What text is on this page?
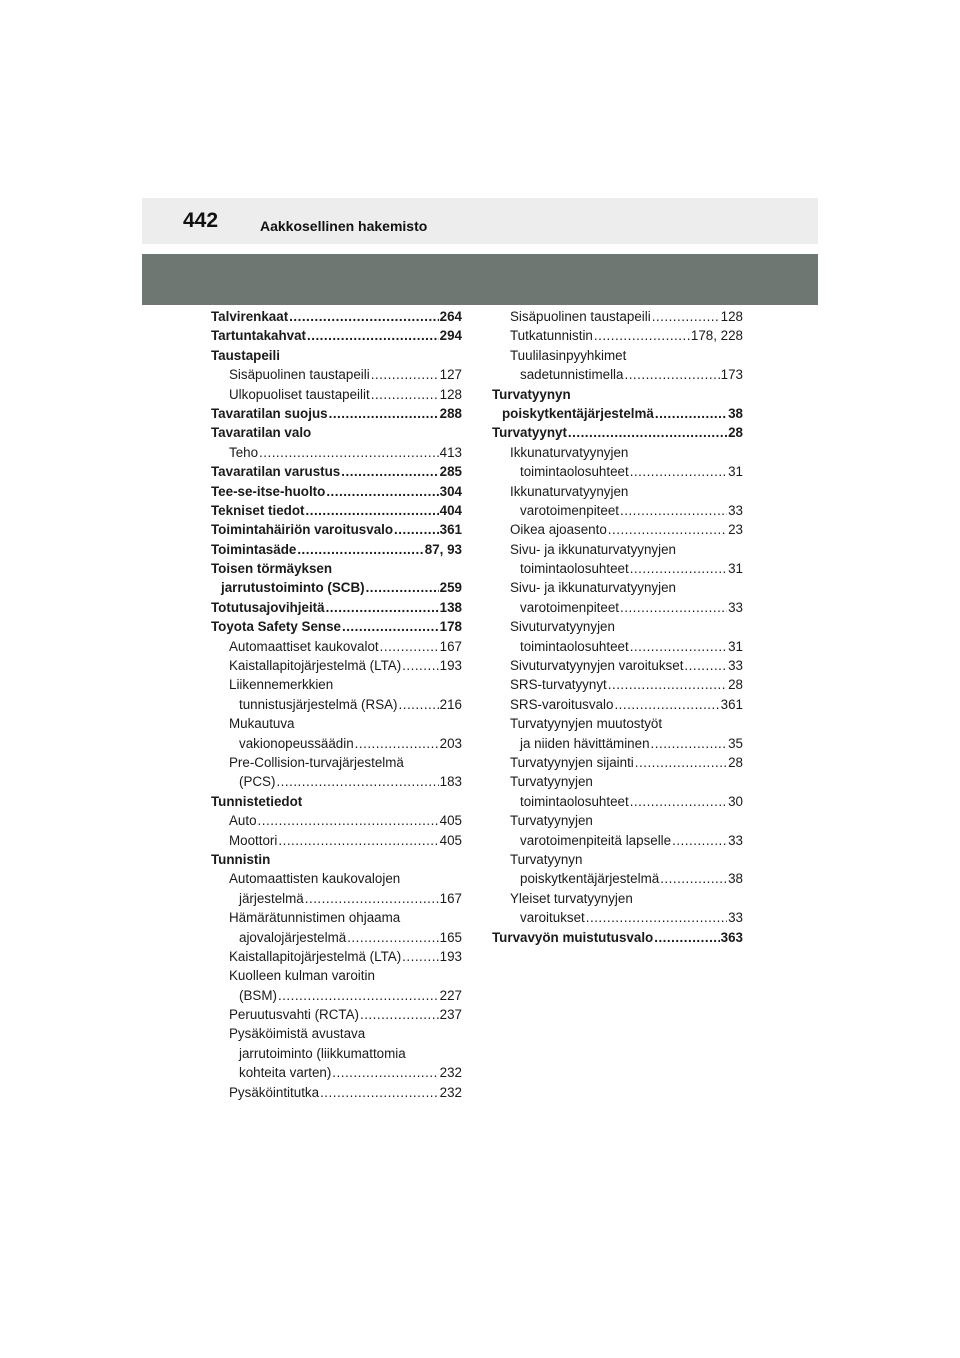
442	Aakkosellinen hakemisto
Talvirenkaat .....	264
Tartuntakahvat .....	294
Taustapeili
Sisäpuolinen taustapeili .....	127
Ulkopuoliset taustapeilit .....	128
Tavaratilan suojus .....	288
Tavaratilan valo
Teho .....	413
Tavaratilan varustus .....	285
Tee-se-itse-huolto .....	304
Tekniset tiedot .....	404
Toimintahäiriön varoitusvalo .....	361
Toimintasäde .....	87, 93
Toisen törmäyksen
jarrutustoiminto (SCB) .....	259
Totutusajovihjeitä .....	138
Toyota Safety Sense .....	178
Automaattiset kaukovalot .....	167
Kaistallapitojärjestelmä (LTA) .....	193
Liikennemerkkien
tunnistusjärjestelmä (RSA) .....	216
Mukautuva
vakionopeussäädin .....	203
Pre-Collision-turvajärjestelmä
(PCS) .....	183
Tunnistetiedot
Auto .....	405
Moottori .....	405
Tunnistin
Automaattisten kaukovalojen
järjestelmä .....	167
Hämärätunnistimen ohjaama
ajovalojärjestelmä .....	165
Kaistallapitojärjestelmä (LTA) .....	193
Kuolleen kulman varoitin
(BSM) .....	227
Peruutusvahti (RCTA) .....	237
Pysäköimistä avustava
jarrutoiminto (liikkumattomia
kohteita varten) .....	232
Pysäköintitutka .....	232
Sisäpuolinen taustapeili .....	128
Tutkatunnistin .....	178, 228
Tuulilasinpyyhkimet
sadetunnistimella .....	173
Turvatyynyn
poiskytkentäjärjestelmä .....	38
Turvatyynyt .....	28
Ikkunaturvatyynyjen
toimintaolosuhteet .....	31
Ikkunaturvatyynyjen
varotoimenpiteet .....	33
Oikea ajoasento .....	23
Sivu- ja ikkunaturvatyynyjen
toimintaolosuhteet .....	31
Sivu- ja ikkunaturvatyynyjen
varotoimenpiteet .....	33
Sivuturvatyynyjen
toimintaolosuhteet .....	31
Sivuturvatyynyjen varoitukset .....	33
SRS-turvatyynyt .....	28
SRS-varoitusvalo .....	361
Turvatyynyjen muutostyöt
ja niiden hävittäminen .....	35
Turvatyynyjen sijainti .....	28
Turvatyynyjen
toimintaolosuhteet .....	30
Turvatyynyjen
varotoimenpiteitä lapselle .....	33
Turvatyynyn
poiskytkentäjärjestelmä .....	38
Yleiset turvatyynyjen
varoitukset .....	33
Turvavyön muistutusvalo .....	363
